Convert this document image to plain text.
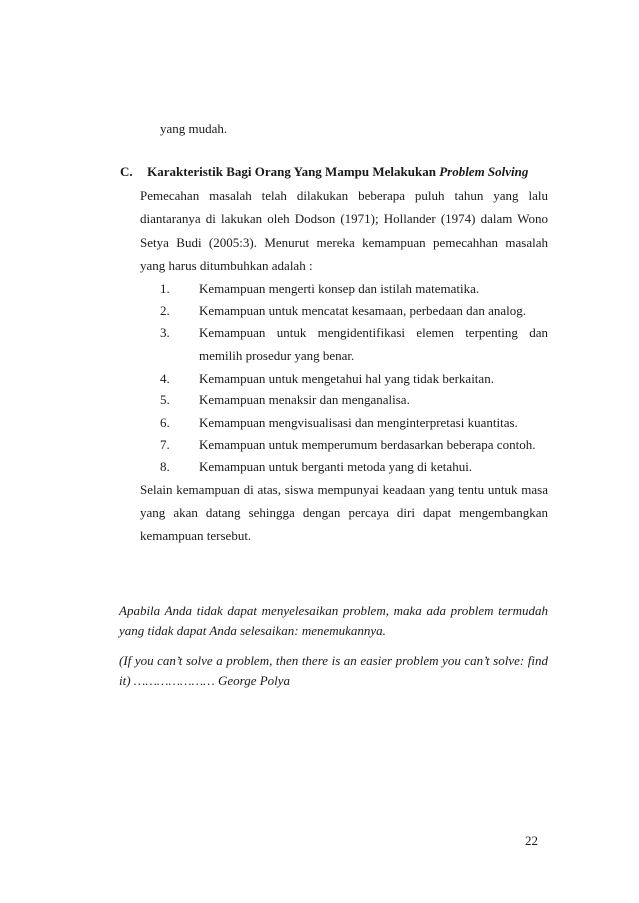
yang mudah.
C. Karakteristik Bagi Orang Yang Mampu Melakukan Problem Solving
Pemecahan masalah telah dilakukan beberapa puluh tahun yang lalu
diantaranya di lakukan oleh Dodson (1971); Hollander (1974) dalam Wono
Setya Budi (2005:3). Menurut mereka kemampuan pemecahhan masalah
yang harus ditumbuhkan adalah :
1. Kemampuan mengerti konsep dan istilah matematika.
2. Kemampuan untuk mencatat kesamaan, perbedaan dan analog.
3. Kemampuan untuk mengidentifikasi elemen terpenting dan
memilih prosedur yang benar.
4. Kemampuan untuk mengetahui hal yang tidak berkaitan.
5. Kemampuan menaksir dan menganalisa.
6. Kemampuan mengvisualisasi dan menginterpretasi kuantitas.
7. Kemampuan untuk memperumum berdasarkan beberapa contoh.
8. Kemampuan untuk berganti metoda yang di ketahui.
Selain kemampuan di atas, siswa mempunyai keadaan yang tentu untuk masa
yang akan datang sehingga dengan percaya diri dapat mengembangkan
kemampuan tersebut.

Apabila Anda tidak dapat menyelesaikan problem, maka ada problem termudah yang tidak dapat Anda selesaikan: menemukannya.

(If you can’t solve a problem, then there is an easier problem you can’t solve: find it) ………………… George Polya

22
